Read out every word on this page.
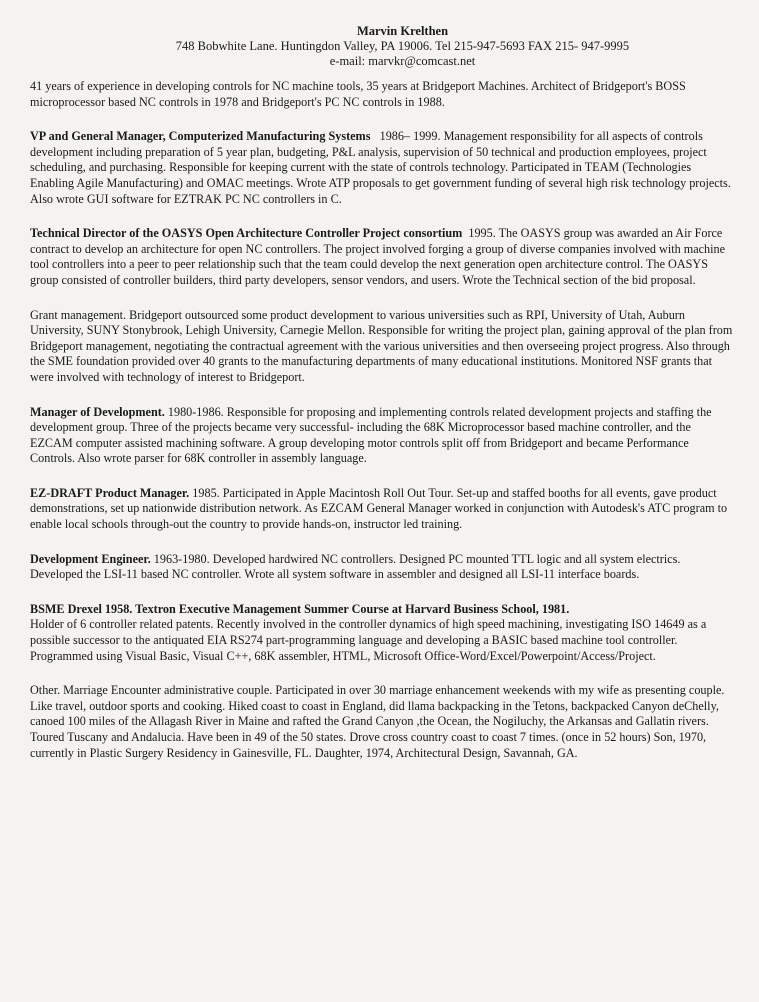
Marvin Krelthen
748 Bobwhite Lane. Huntingdon Valley, PA 19006. Tel 215-947-5693 FAX 215- 947-9995
e-mail: marvkr@comcast.net

41 years of experience in developing controls for NC machine tools, 35 years at Bridgeport Machines. Architect of Bridgeport's BOSS microprocessor based NC controls in 1978 and Bridgeport's PC NC controls in 1988.

VP and General Manager, Computerized Manufacturing Systems 1986– 1999. Management responsibility for all aspects of controls development including preparation of 5 year plan, budgeting, P&L analysis, supervision of 50 technical and production employees, project scheduling, and purchasing. Responsible for keeping current with the state of controls technology. Participated in TEAM (Technologies Enabling Agile Manufacturing) and OMAC meetings. Wrote ATP proposals to get government funding of several high risk technology projects. Also wrote GUI software for EZTRAK PC NC controllers in C.

Technical Director of the OASYS Open Architecture Controller Project consortium 1995. The OASYS group was awarded an Air Force contract to develop an architecture for open NC controllers. The project involved forging a group of diverse companies involved with machine tool controllers into a peer to peer relationship such that the team could develop the next generation open architecture control. The OASYS group consisted of controller builders, third party developers, sensor vendors, and users. Wrote the Technical section of the bid proposal.

Grant management. Bridgeport outsourced some product development to various universities such as RPI, University of Utah, Auburn University, SUNY Stonybrook, Lehigh University, Carnegie Mellon. Responsible for writing the project plan, gaining approval of the plan from Bridgeport management, negotiating the contractual agreement with the various universities and then overseeing project progress. Also through the SME foundation provided over 40 grants to the manufacturing departments of many educational institutions. Monitored NSF grants that were involved with technology of interest to Bridgeport.

Manager of Development. 1980-1986. Responsible for proposing and implementing controls related development projects and staffing the development group. Three of the projects became very successful- including the 68K Microprocessor based machine controller, and the EZCAM computer assisted machining software. A group developing motor controls split off from Bridgeport and became Performance Controls. Also wrote parser for 68K controller in assembly language.

EZ-DRAFT Product Manager. 1985. Participated in Apple Macintosh Roll Out Tour. Set-up and staffed booths for all events, gave product demonstrations, set up nationwide distribution network. As EZCAM General Manager worked in conjunction with Autodesk's ATC program to enable local schools through-out the country to provide hands-on, instructor led training.

Development Engineer. 1963-1980. Developed hardwired NC controllers. Designed PC mounted TTL logic and all system electrics. Developed the LSI-11 based NC controller. Wrote all system software in assembler and designed all LSI-11 interface boards.

BSME Drexel 1958. Textron Executive Management Summer Course at Harvard Business School, 1981.
Holder of 6 controller related patents. Recently involved in the controller dynamics of high speed machining, investigating ISO 14649 as a possible successor to the antiquated EIA RS274 part-programming language and developing a BASIC based machine tool controller. Programmed using Visual Basic, Visual C++, 68K assembler, HTML, Microsoft Office-Word/Excel/Powerpoint/Access/Project.

Other. Marriage Encounter administrative couple. Participated in over 30 marriage enhancement weekends with my wife as presenting couple. Like travel, outdoor sports and cooking. Hiked coast to coast in England, did llama backpacking in the Tetons, backpacked Canyon deChelly, canoed 100 miles of the Allagash River in Maine and rafted the Grand Canyon ,the Ocean, the Nogiluchy, the Arkansas and Gallatin rivers. Toured Tuscany and Andalucia. Have been in 49 of the 50 states. Drove cross country coast to coast 7 times. (once in 52 hours) Son, 1970, currently in Plastic Surgery Residency in Gainesville, FL. Daughter, 1974, Architectural Design, Savannah, GA.
